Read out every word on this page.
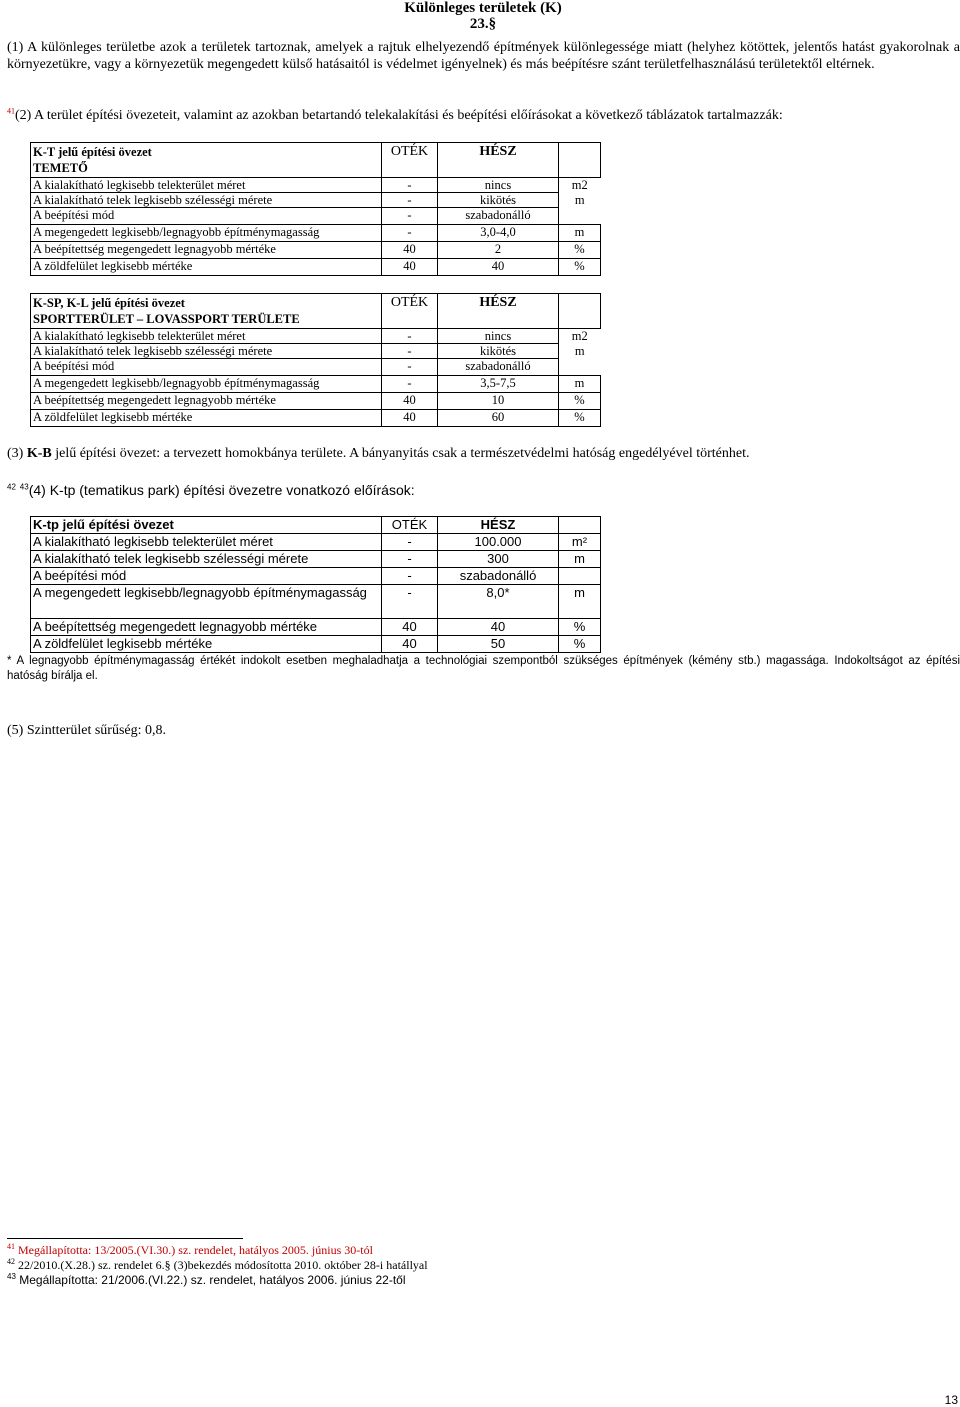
Különleges területek (K)
23.§
(1) A különleges területbe azok a területek tartoznak, amelyek a rajtuk elhelyezendő építmények különlegessége miatt (helyhez kötöttek, jelentős hatást gyakorolnak a környezetükre, vagy a környezetük megengedett külső hatásaitól is védelmet igényelnek) és más beépítésre szánt területfelhasználású területektől eltérnek.
$^{41}$(2) A terület építési övezeteit, valamint az azokban betartandó telekalakítási és beépítési előírásokat a következő táblázatok tartalmazzák:
K-T jelű építési övezet
TEMETŐ	OTÉK	HÉSZ	
A kialakítható legkisebb telekterület méret	-	nincs	m2
A kialakítható telek legkisebb szélességi mérete	-	kikötés	m
A beépítési mód	-	szabadonálló	
A megengedett legkisebb/legnagyobb építménymagasság	-	3,0-4,0	m
A beépítettség megengedett legnagyobb mértéke	40	2	%
A zöldfelület legkisebb mértéke	40	40	%
K-SP, K-L jelű építési övezet
SPORTTERÜLET – LOVASSPORT TERÜLETE	OTÉK	HÉSZ	
A kialakítható legkisebb telekterület méret	-	nincs	m2
A kialakítható telek legkisebb szélességi mérete	-	kikötés	m
A beépítési mód	-	szabadonálló	
A megengedett legkisebb/legnagyobb építménymagasság	-	3,5-7,5	m
A beépítettség megengedett legnagyobb mértéke	40	10	%
A zöldfelület legkisebb mértéke	40	60	%
(3) K-B jelű építési övezet: a tervezett homokbánya területe. A bányanyitás csak a természetvédelmi hatóság engedélyével történhet.
$^{42}$ $^{43}$(4) K-tp (tematikus park) építési övezetre vonatkozó előírások:
K-tp jelű építési övezet	OTÉK	HÉSZ	
A kialakítható legkisebb telekterület méret	-	100.000	m²
A kialakítható telek legkisebb szélességi mérete	-	300	m
A beépítési mód	-	szabadonálló	
A megengedett legkisebb/legnagyobb építménymagasság	-	8,0*	m
A beépítettség megengedett legnagyobb mértéke	40	40	%
A zöldfelület legkisebb mértéke	40	50	%
* A legnagyobb építménymagasság értékét indokolt esetben meghaladhatja a technológiai szempontból szükséges építmények (kémény stb.) magassága. Indokoltságot az építési hatóság bírálja el.
(5) Szintterület sűrűség: 0,8.
$^{41}$ Megállapította: 13/2005.(VI.30.) sz. rendelet, hatályos 2005. június 30-tól
$^{42}$ 22/2010.(X.28.) sz. rendelet 6.§ (3)bekezdés módosította 2010. október 28-i hatállyal
$^{43}$ Megállapította: 21/2006.(VI.22.) sz. rendelet, hatályos 2006. június 22-től
13
